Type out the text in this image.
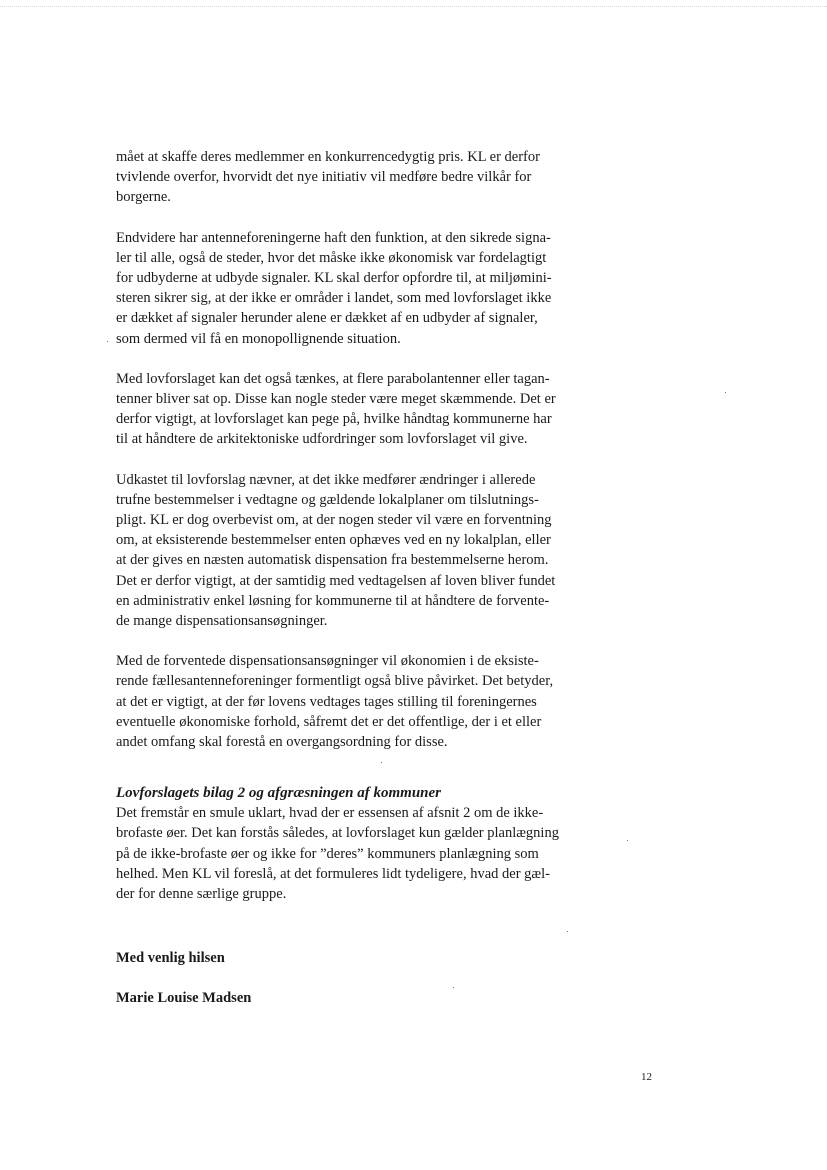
mået at skaffe deres medlemmer en konkurrencedygtig pris. KL er derfor
tvivlende overfor, hvorvidt det nye initiativ vil medføre bedre vilkår for
borgerne.
Endvidere har antenneforeningerne haft den funktion, at den sikrede signa-
ler til alle, også de steder, hvor det måske ikke økonomisk var fordelagtigt
for udbyderne at udbyde signaler. KL skal derfor opfordre til, at miljømini-
steren sikrer sig, at der ikke er områder i landet, som med lovforslaget ikke
er dækket af signaler herunder alene er dækket af en udbyder af signaler,
som dermed vil få en monopollignende situation.
Med lovforslaget kan det også tænkes, at flere parabolantenner eller tagan-
tenner bliver sat op. Disse kan nogle steder være meget skæmmende. Det er
derfor vigtigt, at lovforslaget kan pege på, hvilke håndtag kommunerne har
til at håndtere de arkitektoniske udfordringer som lovforslaget vil give.
Udkastet til lovforslag nævner, at det ikke medfører ændringer i allerede
trufne bestemmelser i vedtagne og gældende lokalplaner om tilslutnings-
pligt. KL er dog overbevist om, at der nogen steder vil være en forventning
om, at eksisterende bestemmelser enten ophæves ved en ny lokalplan, eller
at der gives en næsten automatisk dispensation fra bestemmelserne herom.
Det er derfor vigtigt, at der samtidig med vedtagelsen af loven bliver fundet
en administrativ enkel løsning for kommunerne til at håndtere de forvente-
de mange dispensationsansøgninger.
Med de forventede dispensationsansøgninger vil økonomien i de eksiste-
rende fællesantenneforeninger formentligt også blive påvirket. Det betyder,
at det er vigtigt, at der før lovens vedtages tages stilling til foreningernes
eventuelle økonomiske forhold, såfremt det er det offentlige, der i et eller
andet omfang skal forestå en overgangsordning for disse.
Lovforslagets bilag 2 og afgræsningen af kommuner
Det fremstår en smule uklart, hvad der er essensen af afsnit 2 om de ikke-
brofaste øer. Det kan forstås således, at lovforslaget kun gælder planlægning
på de ikke-brofaste øer og ikke for ”deres” kommuners planlægning som
helhed. Men KL vil foreslå, at det formuleres lidt tydeligere, hvad der gæl-
der for denne særlige gruppe.
Med venlig hilsen
Marie Louise Madsen
12
